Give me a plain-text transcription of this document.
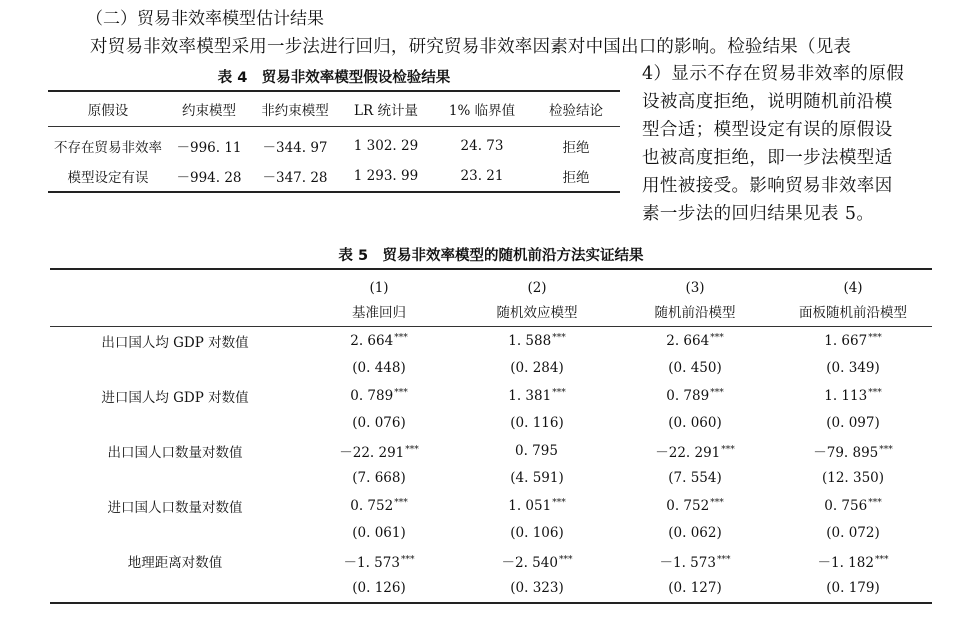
（二）贸易非效率模型估计结果
对贸易非效率模型采用一步法进行回归，研究贸易非效率因素对中国出口的影响。检验结果（见表
4）显示不存在贸易非效率的原假
设被高度拒绝，说明随机前沿模
型合适；模型设定有误的原假设
也被高度拒绝，即一步法模型适
用性被接受。影响贸易非效率因
素一步法的回归结果见表 5。
表 4　贸易非效率模型假设检验结果
原假设	约束模型	非约束模型	LR 统计量	1% 临界值	检验结论

不存在贸易非效率	－996. 11	－344. 97	1 302. 29	24. 73	拒绝
模型设定有误	－994. 28	－347. 28	1 293. 99	23. 21	拒绝
表 5　贸易非效率模型的随机前沿方法实证结果
	(1)	(2)	(3)	(4)
	基准回归	随机效应模型	随机前沿模型	面板随机前沿模型
出口国人均 GDP 对数值	2. 664***	1. 588***	2. 664***	1. 667***
	(0. 448)	(0. 284)	(0. 450)	(0. 349)
进口国人均 GDP 对数值	0. 789***	1. 381***	0. 789***	1. 113***
	(0. 076)	(0. 116)	(0. 060)	(0. 097)
出口国人口数量对数值	－22. 291***	0. 795	－22. 291***	－79. 895***
	(7. 668)	(4. 591)	(7. 554)	(12. 350)
进口国人口数量对数值	0. 752***	1. 051***	0. 752***	0. 756***
	(0. 061)	(0. 106)	(0. 062)	(0. 072)
地理距离对数值	－1. 573***	－2. 540***	－1. 573***	－1. 182***
	(0. 126)	(0. 323)	(0. 127)	(0. 179)
